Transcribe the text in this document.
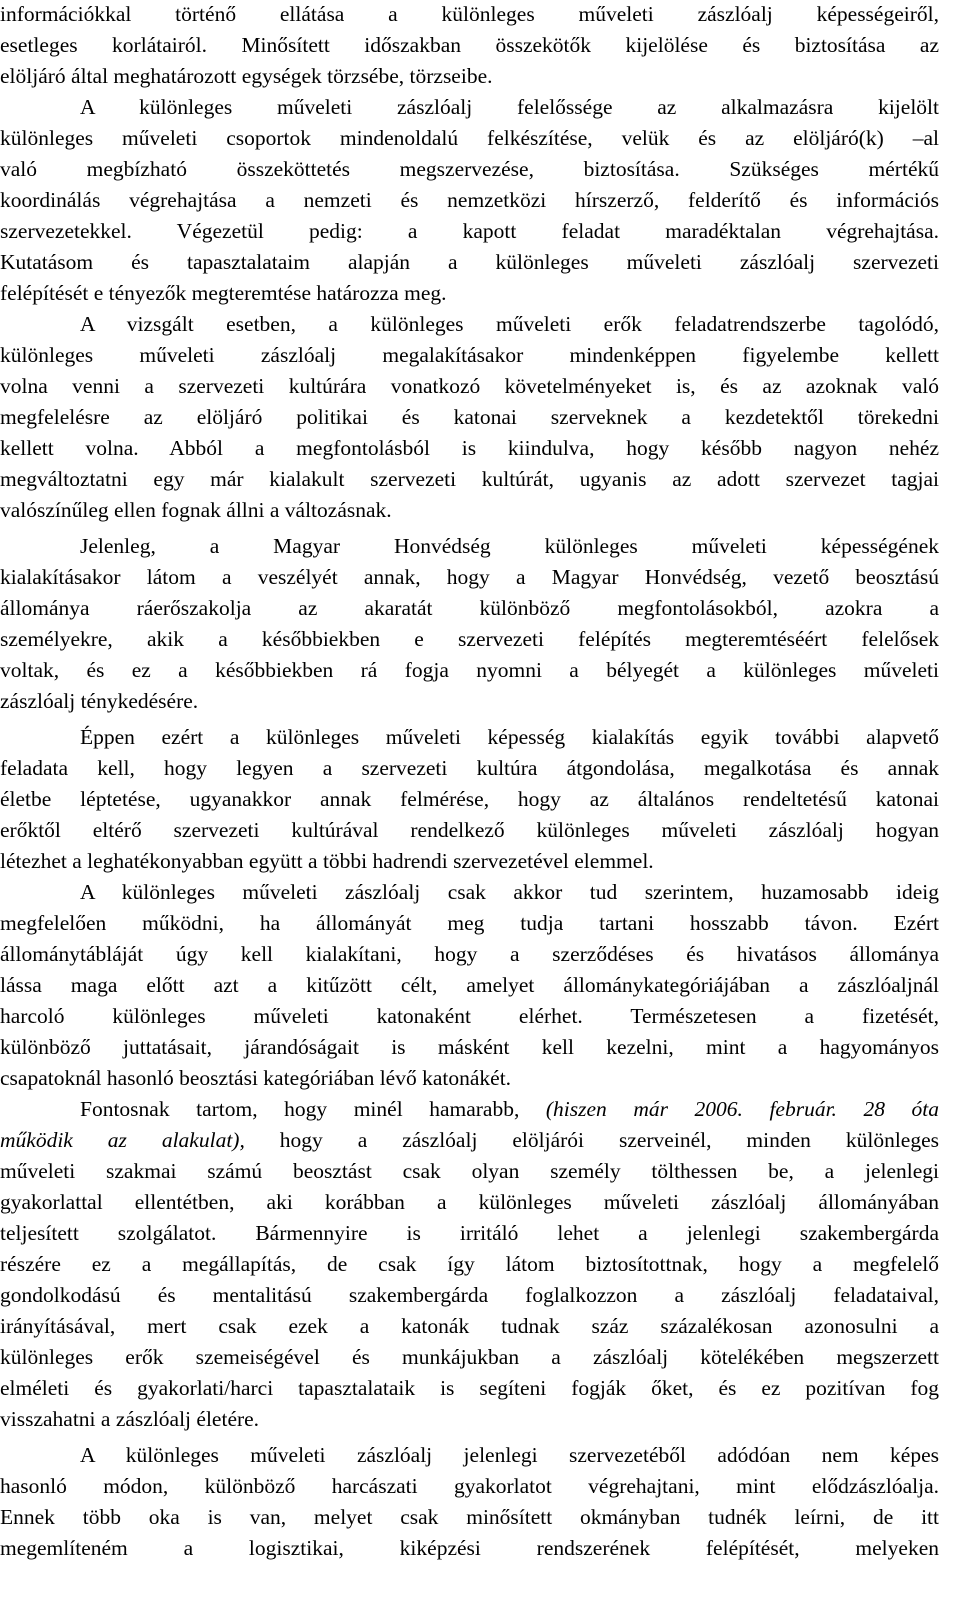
információkkal történő ellátása a különleges műveleti zászlóalj képességeiről,
esetleges korlátairól. Minősített időszakban összekötők kijelölése és biztosítása az
elöljáró által meghatározott egységek törzsébe, törzseibe.
A különleges műveleti zászlóalj felelőssége az alkalmazásra kijelölt
különleges műveleti csoportok mindenoldalú felkészítése, velük és az elöljáró(k) –al
való megbízható összeköttetés megszervezése, biztosítása. Szükséges mértékű
koordinálás végrehajtása a nemzeti és nemzetközi hírszerző, felderítő és információs
szervezetekkel. Végezetül pedig: a kapott feladat maradéktalan végrehajtása.
Kutatásom és tapasztalataim alapján a különleges műveleti zászlóalj szervezeti
felépítését e tényezők megteremtése határozza meg.
A vizsgált esetben, a különleges műveleti erők feladatrendszerbe tagolódó,
különleges műveleti zászlóalj megalakításakor mindenképpen figyelembe kellett
volna venni a szervezeti kultúrára vonatkozó követelményeket is, és az azoknak való
megfelelésre az elöljáró politikai és katonai szerveknek a kezdetektől törekedni
kellett volna. Abból a megfontolásból is kiindulva, hogy később nagyon nehéz
megváltoztatni egy már kialakult szervezeti kultúrát, ugyanis az adott szervezet tagjai
valószínűleg ellen fognak állni a változásnak.
Jelenleg, a Magyar Honvédség különleges műveleti képességének
kialakításakor látom a veszélyét annak, hogy a Magyar Honvédség, vezető beosztású
állománya ráerőszakolja az akaratát különböző megfontolásokból, azokra a
személyekre, akik a későbbiekben e szervezeti felépítés megteremtéséért felelősek
voltak, és ez a későbbiekben rá fogja nyomni a bélyegét a különleges műveleti
zászlóalj ténykedésére.
Éppen ezért a különleges műveleti képesség kialakítás egyik további alapvető
feladata kell, hogy legyen a szervezeti kultúra átgondolása, megalkotása és annak
életbe léptetése, ugyanakkor annak felmérése, hogy az általános rendeltetésű katonai
erőktől eltérő szervezeti kultúrával rendelkező különleges műveleti zászlóalj hogyan
létezhet a leghatékonyabban együtt a többi hadrendi szervezetével elemmel.
A különleges műveleti zászlóalj csak akkor tud szerintem, huzamosabb ideig
megfelelően működni, ha állományát meg tudja tartani hosszabb távon. Ezért
állománytábláját úgy kell kialakítani, hogy a szerződéses és hivatásos állománya
lássa maga előtt azt a kitűzött célt, amelyet állománykategóriájában a zászlóaljnál
harcoló különleges műveleti katonaként elérhet. Természetesen a fizetését,
különböző juttatásait, járandóságait is másként kell kezelni, mint a hagyományos
csapatoknál hasonló beosztási kategóriában lévő katonákét.
Fontosnak tartom, hogy minél hamarabb, (hiszen már 2006. február. 28 óta
működik az alakulat), hogy a zászlóalj elöljárói szerveinél, minden különleges
műveleti szakmai számú beosztást csak olyan személy tölthessen be, a jelenlegi
gyakorlattal ellentétben, aki korábban a különleges műveleti zászlóalj állományában
teljesített szolgálatot. Bármennyire is irritáló lehet a jelenlegi szakembergárda
részére ez a megállapítás, de csak így látom biztosítottnak, hogy a megfelelő
gondolkodású és mentalitású szakembergárda foglalkozzon a zászlóalj feladataival,
irányításával, mert csak ezek a katonák tudnak száz százalékosan azonosulni a
különleges erők szemeiségével és munkájukban a zászlóalj kötelékében megszerzett
elméleti és gyakorlati/harci tapasztalataik is segíteni fogják őket, és ez pozitívan fog
visszahatni a zászlóalj életére.
A különleges műveleti zászlóalj jelenlegi szervezetéből adódóan nem képes
hasonló módon, különböző harcászati gyakorlatot végrehajtani, mint elődzászlóalja.
Ennek több oka is van, melyet csak minősített okmányban tudnék leírni, de itt
megemlíteném a logisztikai, kiképzési rendszerének felépítését, melyeken
